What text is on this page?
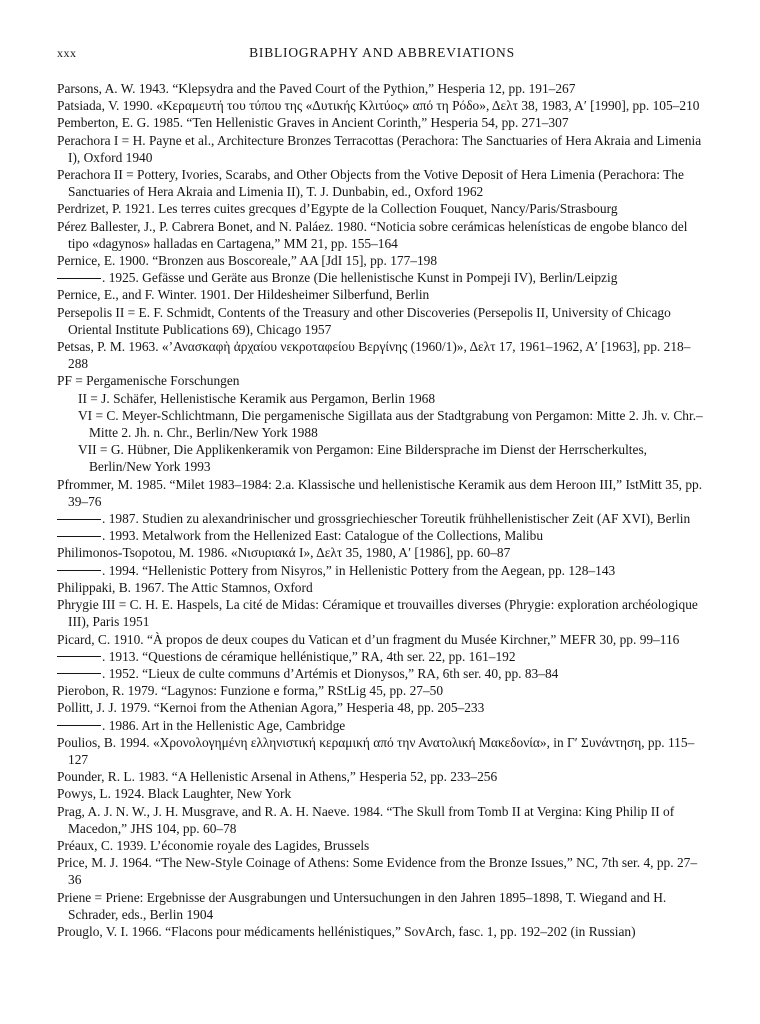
xxx	BIBLIOGRAPHY AND ABBREVIATIONS
Parsons, A. W. 1943. “Klepsydra and the Paved Court of the Pythion,” Hesperia 12, pp. 191–267
Patsiada, V. 1990. «Κεραμευτή του τύπου της «Δυτικής Κλιτύος» από τη Ρόδο», Δελτ 38, 1983, Α′ [1990], pp. 105–210
Pemberton, E. G. 1985. “Ten Hellenistic Graves in Ancient Corinth,” Hesperia 54, pp. 271–307
Perachora I = H. Payne et al., Architecture Bronzes Terracottas (Perachora: The Sanctuaries of Hera Akraia and Limenia I), Oxford 1940
Perachora II = Pottery, Ivories, Scarabs, and Other Objects from the Votive Deposit of Hera Limenia (Perachora: The Sanctuaries of Hera Akraia and Limenia II), T. J. Dunbabin, ed., Oxford 1962
Perdrizet, P. 1921. Les terres cuites grecques d’Egypte de la Collection Fouquet, Nancy/Paris/Strasbourg
Pérez Ballester, J., P. Cabrera Bonet, and N. Paláez. 1980. “Noticia sobre cerámicas helenísticas de engobe blanco del tipo «dagynos» halladas en Cartagena,” MM 21, pp. 155–164
Pernice, E. 1900. “Bronzen aus Boscoreale,” AA [JdI 15], pp. 177–198
. 1925. Gefässe und Geräte aus Bronze (Die hellenistische Kunst in Pompeji IV), Berlin/Leipzig
Pernice, E., and F. Winter. 1901. Der Hildesheimer Silberfund, Berlin
Persepolis II = E. F. Schmidt, Contents of the Treasury and other Discoveries (Persepolis II, University of Chicago Oriental Institute Publications 69), Chicago 1957
Petsas, P. M. 1963. «’Ανασκαφὴ ἀρχαίου νεκροταφείου Βεργίνης (1960/1)», Δελτ 17, 1961–1962, Α′ [1963], pp. 218–288
PF = Pergamenische Forschungen
II = J. Schäfer, Hellenistische Keramik aus Pergamon, Berlin 1968
VI = C. Meyer-Schlichtmann, Die pergamenische Sigillata aus der Stadtgrabung von Pergamon: Mitte 2. Jh. v. Chr.–Mitte 2. Jh. n. Chr., Berlin/New York 1988
VII = G. Hübner, Die Applikenkeramik von Pergamon: Eine Bildersprache im Dienst der Herrscherkultes, Berlin/New York 1993
Pfrommer, M. 1985. “Milet 1983–1984: 2.a. Klassische und hellenistische Keramik aus dem Heroon III,” IstMitt 35, pp. 39–76
. 1987. Studien zu alexandrinischer und grossgriechiescher Toreutik frühhellenistischer Zeit (AF XVI), Berlin
. 1993. Metalwork from the Hellenized East: Catalogue of the Collections, Malibu
Philimonos-Tsopotou, M. 1986. «Νισυριακά Ι», Δελτ 35, 1980, Α′ [1986], pp. 60–87
. 1994. “Hellenistic Pottery from Nisyros,” in Hellenistic Pottery from the Aegean, pp. 128–143
Philippaki, B. 1967. The Attic Stamnos, Oxford
Phrygie III = C. H. E. Haspels, La cité de Midas: Céramique et trouvailles diverses (Phrygie: exploration archéologique III), Paris 1951
Picard, C. 1910. “À propos de deux coupes du Vatican et d’un fragment du Musée Kirchner,” MEFR 30, pp. 99–116
. 1913. “Questions de céramique hellénistique,” RA, 4th ser. 22, pp. 161–192
. 1952. “Lieux de culte communs d’Artémis et Dionysos,” RA, 6th ser. 40, pp. 83–84
Pierobon, R. 1979. “Lagynos: Funzione e forma,” RStLig 45, pp. 27–50
Pollitt, J. J. 1979. “Kernoi from the Athenian Agora,” Hesperia 48, pp. 205–233
. 1986. Art in the Hellenistic Age, Cambridge
Poulios, B. 1994. «Χρονολογημένη ελληνιστική κεραμική από την Ανατολική Μακεδονία», in Γ′ Συνάντηση, pp. 115–127
Pounder, R. L. 1983. “A Hellenistic Arsenal in Athens,” Hesperia 52, pp. 233–256
Powys, L. 1924. Black Laughter, New York
Prag, A. J. N. W., J. H. Musgrave, and R. A. H. Naeve. 1984. “The Skull from Tomb II at Vergina: King Philip II of Macedon,” JHS 104, pp. 60–78
Préaux, C. 1939. L’économie royale des Lagides, Brussels
Price, M. J. 1964. “The New-Style Coinage of Athens: Some Evidence from the Bronze Issues,” NC, 7th ser. 4, pp. 27–36
Priene = Priene: Ergebnisse der Ausgrabungen und Untersuchungen in den Jahren 1895–1898, T. Wiegand and H. Schrader, eds., Berlin 1904
Prouglo, V. I. 1966. “Flacons pour médicaments hellénistiques,” SovArch, fasc. 1, pp. 192–202 (in Russian)
